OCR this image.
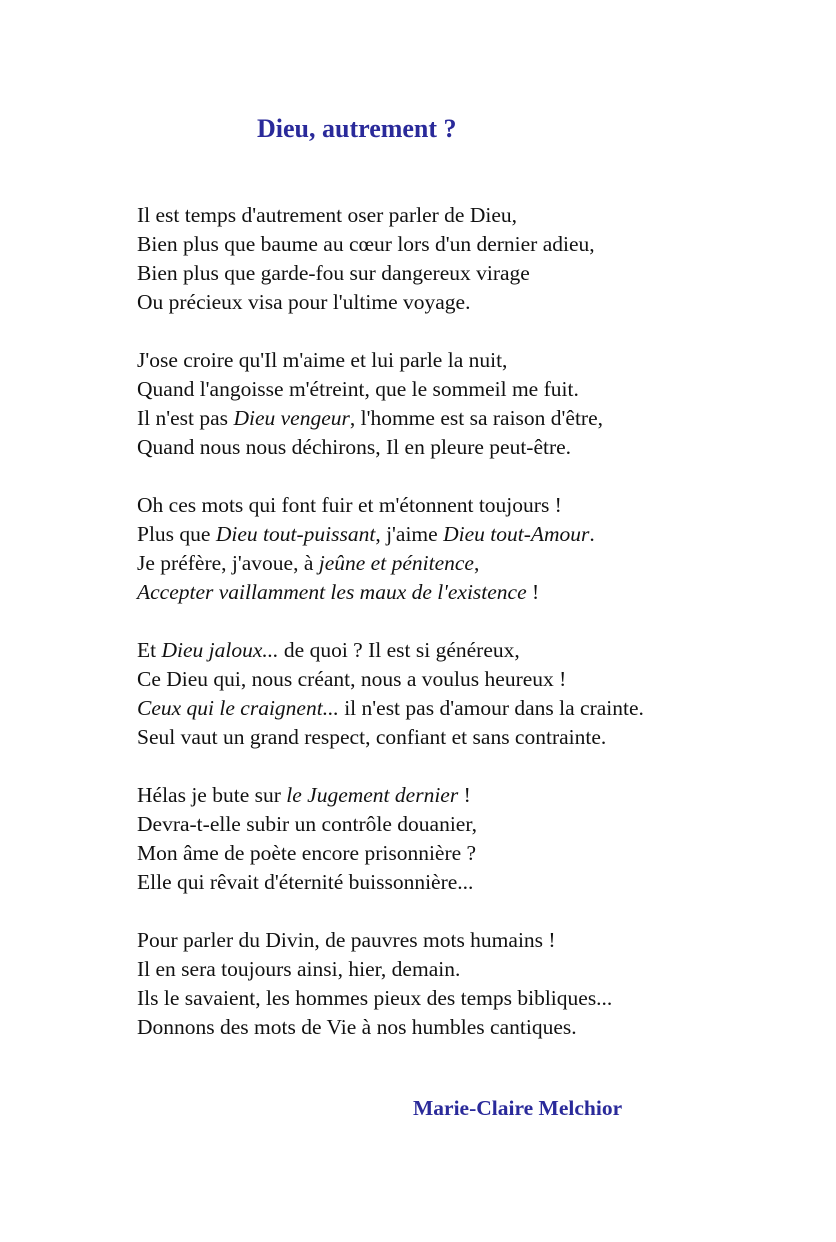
Dieu, autrement ?
Il est temps d'autrement oser parler de Dieu,
Bien plus que baume au cœur lors d'un dernier adieu,
Bien plus que garde-fou sur dangereux virage
Ou précieux visa pour l'ultime voyage.
J'ose croire qu'Il m'aime et lui parle la nuit,
Quand l'angoisse m'étreint, que le sommeil me fuit.
Il n'est pas Dieu vengeur, l'homme est sa raison d'être,
Quand nous nous déchirons, Il en pleure peut-être.
Oh ces mots qui font fuir et m'étonnent toujours !
Plus que Dieu tout-puissant, j'aime Dieu tout-Amour.
Je préfère, j'avoue, à jeûne et pénitence,
Accepter vaillamment les maux de l'existence !
Et Dieu jaloux... de quoi ? Il est si généreux,
Ce Dieu qui, nous créant, nous a voulus heureux !
Ceux qui le craignent... il n'est pas d'amour dans la crainte.
Seul vaut un grand respect, confiant et sans contrainte.
Hélas je bute sur le Jugement dernier !
Devra-t-elle subir un contrôle douanier,
Mon âme de poète encore prisonnière ?
Elle qui rêvait d'éternité buissonnière...
Pour parler du Divin, de pauvres mots humains !
Il en sera toujours ainsi, hier, demain.
Ils le savaient, les hommes pieux des temps bibliques...
Donnons des mots de Vie à nos humbles cantiques.
Marie-Claire Melchior
